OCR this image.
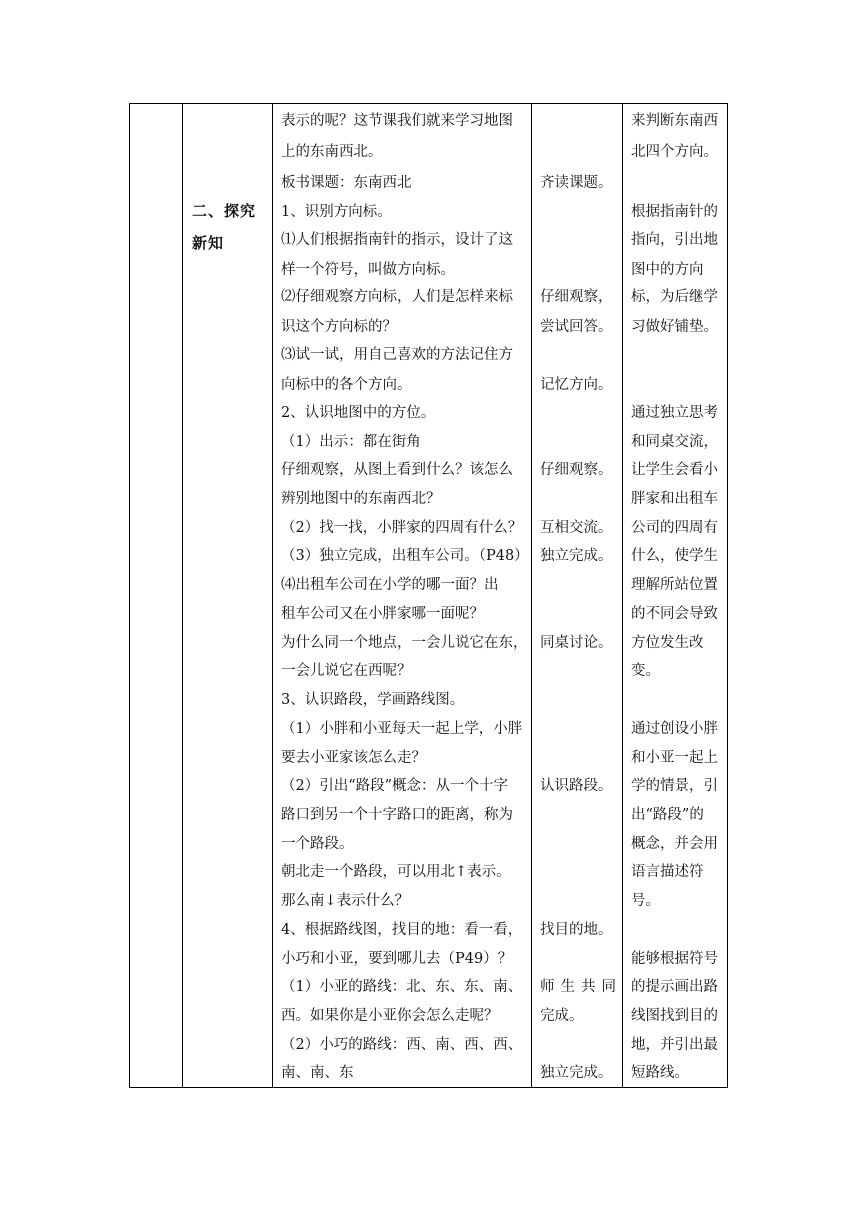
二、探究
新知
表示的呢？这节课我们就来学习地图
上的东南西北。
板书课题：东南西北
1、识别方向标。
⑴人们根据指南针的指示，设计了这
样一个符号，叫做方向标。
⑵仔细观察方向标，人们是怎样来标
识这个方向标的？
⑶试一试，用自己喜欢的方法记住方
向标中的各个方向。
2、认识地图中的方位。
（1）出示：都在街角
仔细观察，从图上看到什么？该怎么
辨别地图中的东南西北？
（2）找一找，小胖家的四周有什么？
（3）独立完成，出租车公司。（P48）
⑷出租车公司在小学的哪一面？出
租车公司又在小胖家哪一面呢？
为什么同一个地点，一会儿说它在东，
一会儿说它在西呢？
3、认识路段，学画路线图。
（1）小胖和小亚每天一起上学，小胖
要去小亚家该怎么走？
（2）引出“路段”概念：从一个十字
路口到另一个十字路口的距离，称为
一个路段。
朝北走一个路段，可以用北↑表示。
那么南↓表示什么？
4、根据路线图，找目的地：看一看，
小巧和小亚，要到哪儿去（P49）？
（1）小亚的路线：北、东、东、南、
西。如果你是小亚你会怎么走呢？
（2）小巧的路线：西、南、西、西、
南、南、东
齐读课题。
仔细观察，
尝试回答。
记忆方向。
仔细观察。
互相交流。
独立完成。
同桌讨论。
认识路段。
找目的地。
师生共同
完成。
独立完成。
来判断东南西
北四个方向。
根据指南针的
指向，引出地
图中的方向
标，为后继学
习做好铺垫。
通过独立思考
和同桌交流，
让学生会看小
胖家和出租车
公司的四周有
什么，使学生
理解所站位置
的不同会导致
方位发生改
变。
通过创设小胖
和小亚一起上
学的情景，引
出“路段”的
概念，并会用
语言描述符
号。
能够根据符号
的提示画出路
线图找到目的
地，并引出最
短路线。
